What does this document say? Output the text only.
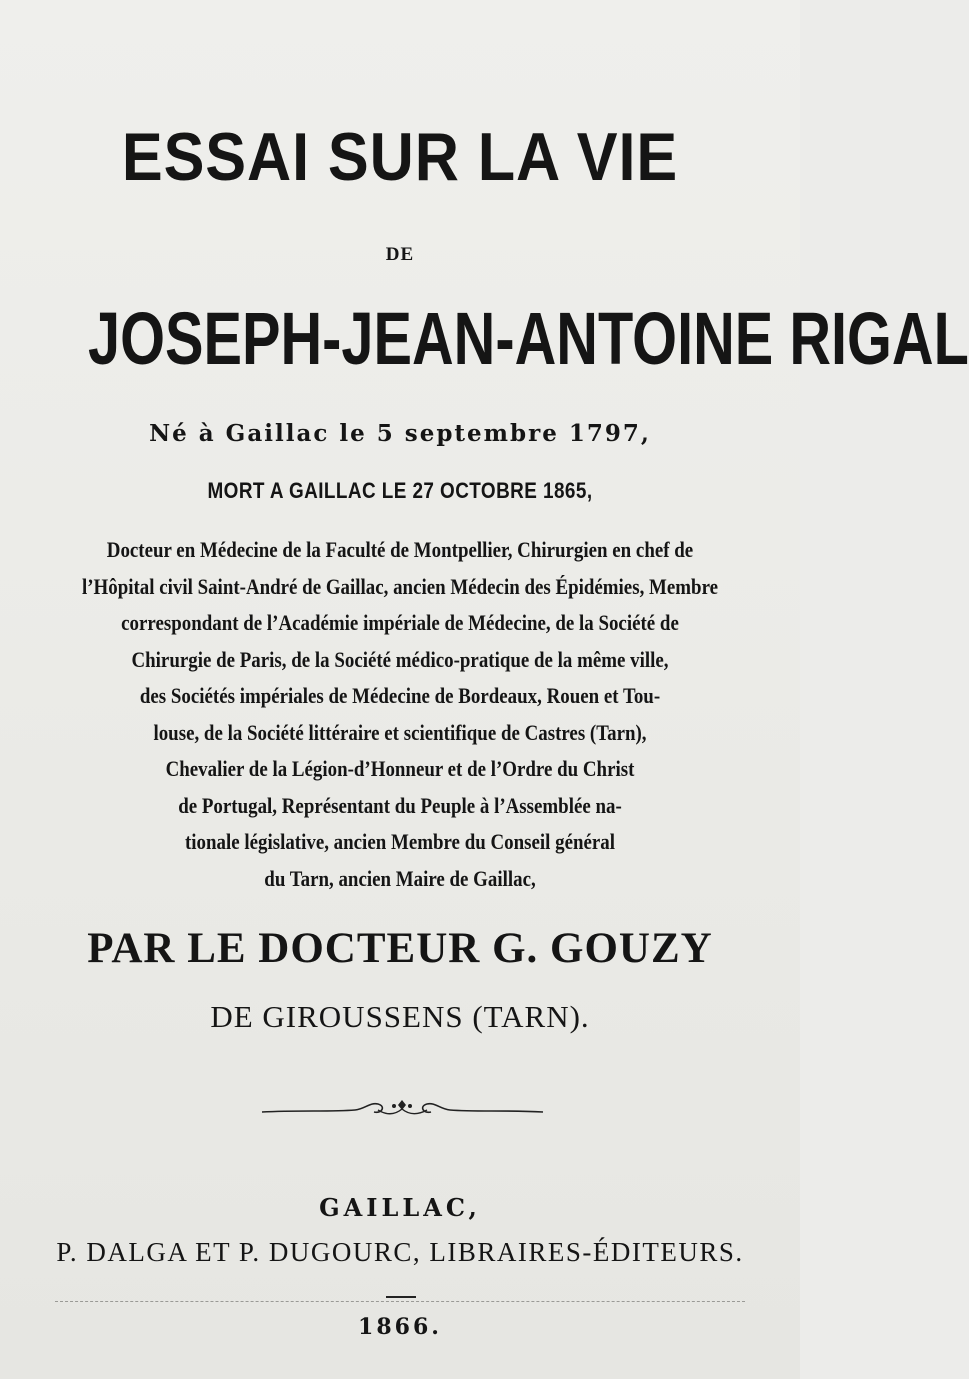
ESSAI SUR LA VIE
DE
JOSEPH-JEAN-ANTOINE RIGAL
Né à Gaillac le 5 septembre 1797,
MORT A GAILLAC LE 27 OCTOBRE 1865,
Docteur en Médecine de la Faculté de Montpellier, Chirurgien en chef de
l’Hôpital civil Saint-André de Gaillac, ancien Médecin des Épidémies, Membre
correspondant de l’Académie impériale de Médecine, de la Société de
Chirurgie de Paris, de la Société médico-pratique de la même ville,
des Sociétés impériales de Médecine de Bordeaux, Rouen et Tou-
louse, de la Société littéraire et scientifique de Castres (Tarn),
Chevalier de la Légion-d’Honneur et de l’Ordre du Christ
de Portugal, Représentant du Peuple à l’Assemblée na-
tionale législative, ancien Membre du Conseil général
du Tarn, ancien Maire de Gaillac,
PAR LE DOCTEUR G. GOUZY
DE GIROUSSENS (TARN).
GAILLAC,
P. DALGA ET P. DUGOURC, LIBRAIRES-ÉDITEURS.
1866.
